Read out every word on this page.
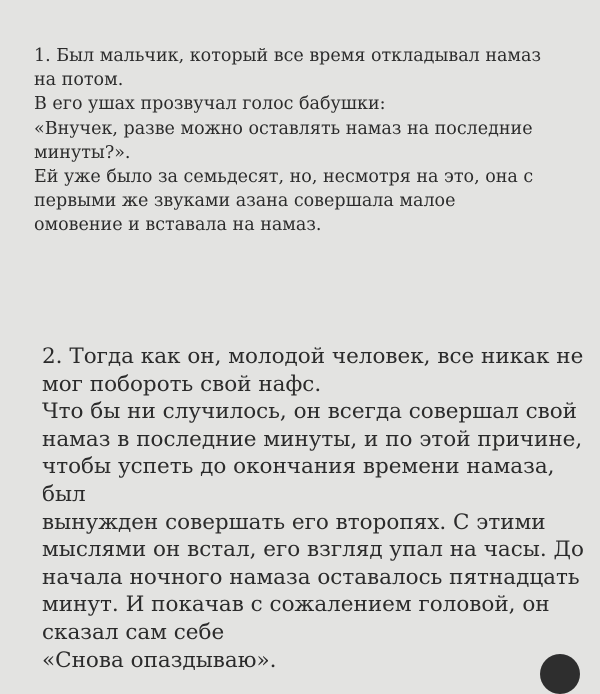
1. Был мальчик, который все время откладывал намаз
на потом.
В его ушах прозвучал голос бабушки:
«Внучек, разве можно оставлять намаз на последние
минуты?».
Ей уже было за семьдесят, но, несмотря на это, она с
первыми же звуками азана совершала малое
омовение и вставала на намаз.

2. Тогда как он, молодой человек, все никак не
мог побороть свой нафс.
Что бы ни случилось, он всегда совершал свой
намаз в последние минуты, и по этой причине,
чтобы успеть до окончания времени намаза, был
вынужден совершать его второпях. С этими
мыслями он встал, его взгляд упал на часы. До
начала ночного намаза оставалось пятнадцать
минут. И покачав с сожалением головой, он
сказал сам себе
«Снова опаздываю».
